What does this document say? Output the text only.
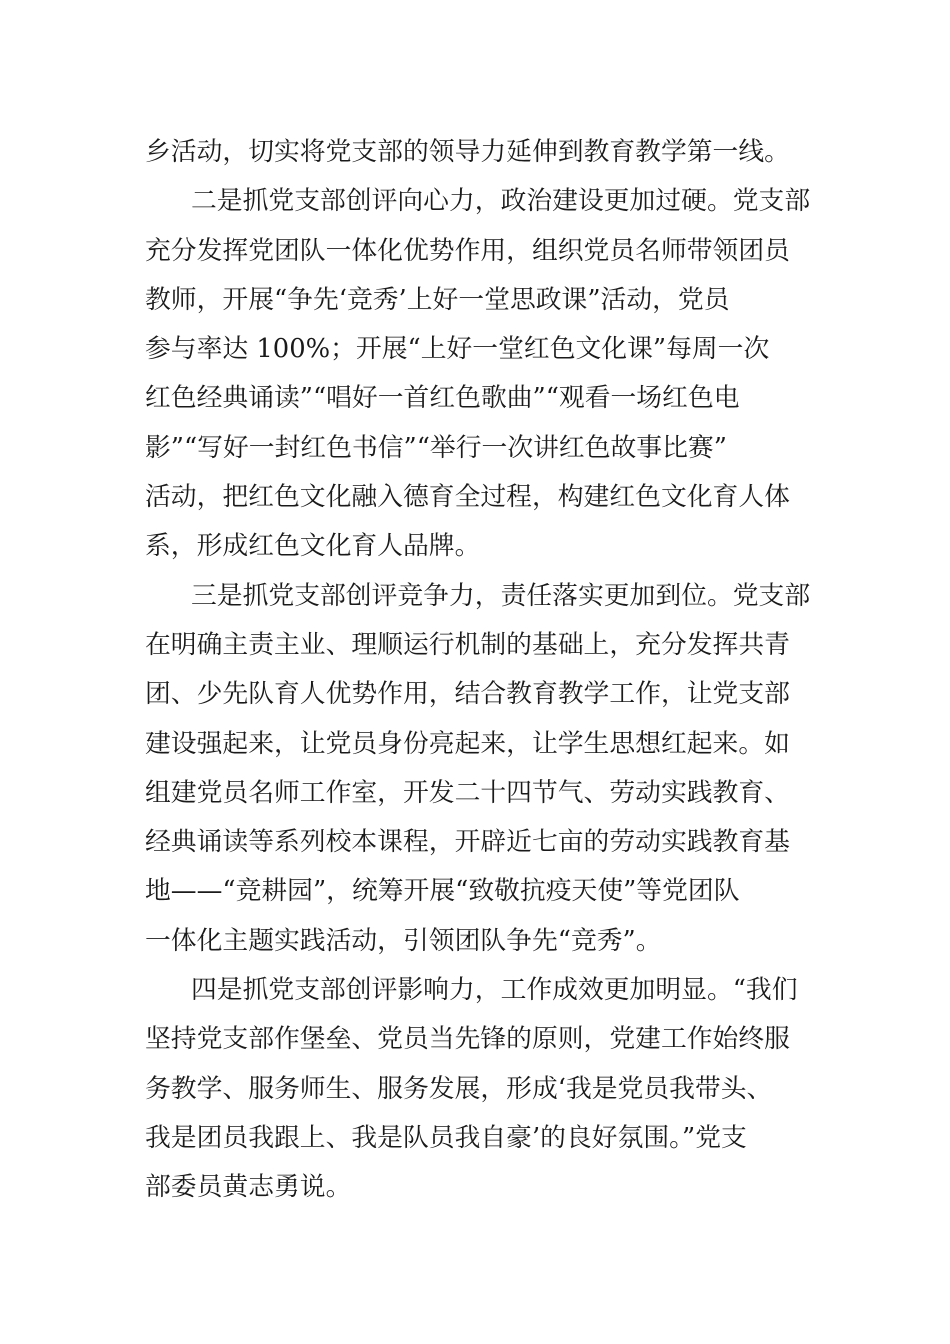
乡活动，切实将党支部的领导力延伸到教育教学第一线。
二是抓党支部创评向心力，政治建设更加过硬。党支部
充分发挥党团队一体化优势作用，组织党员名师带领团员
教师，开展“争先‘竞秀’上好一堂思政课”活动，党员
参与率达 100%；开展“上好一堂红色文化课”每周一次
红色经典诵读”“唱好一首红色歌曲”“观看一场红色电
影”“写好一封红色书信”“举行一次讲红色故事比赛”
活动，把红色文化融入德育全过程，构建红色文化育人体
系，形成红色文化育人品牌。
三是抓党支部创评竞争力，责任落实更加到位。党支部
在明确主责主业、理顺运行机制的基础上，充分发挥共青
团、少先队育人优势作用，结合教育教学工作，让党支部
建设强起来，让党员身份亮起来，让学生思想红起来。如
组建党员名师工作室，开发二十四节气、劳动实践教育、
经典诵读等系列校本课程，开辟近七亩的劳动实践教育基
地——“竞耕园”，统筹开展“致敬抗疫天使”等党团队
一体化主题实践活动，引领团队争先“竞秀”。
四是抓党支部创评影响力，工作成效更加明显。“我们
坚持党支部作堡垒、党员当先锋的原则，党建工作始终服
务教学、服务师生、服务发展，形成‘我是党员我带头、
我是团员我跟上、我是队员我自豪’的良好氛围。”党支
部委员黄志勇说。
